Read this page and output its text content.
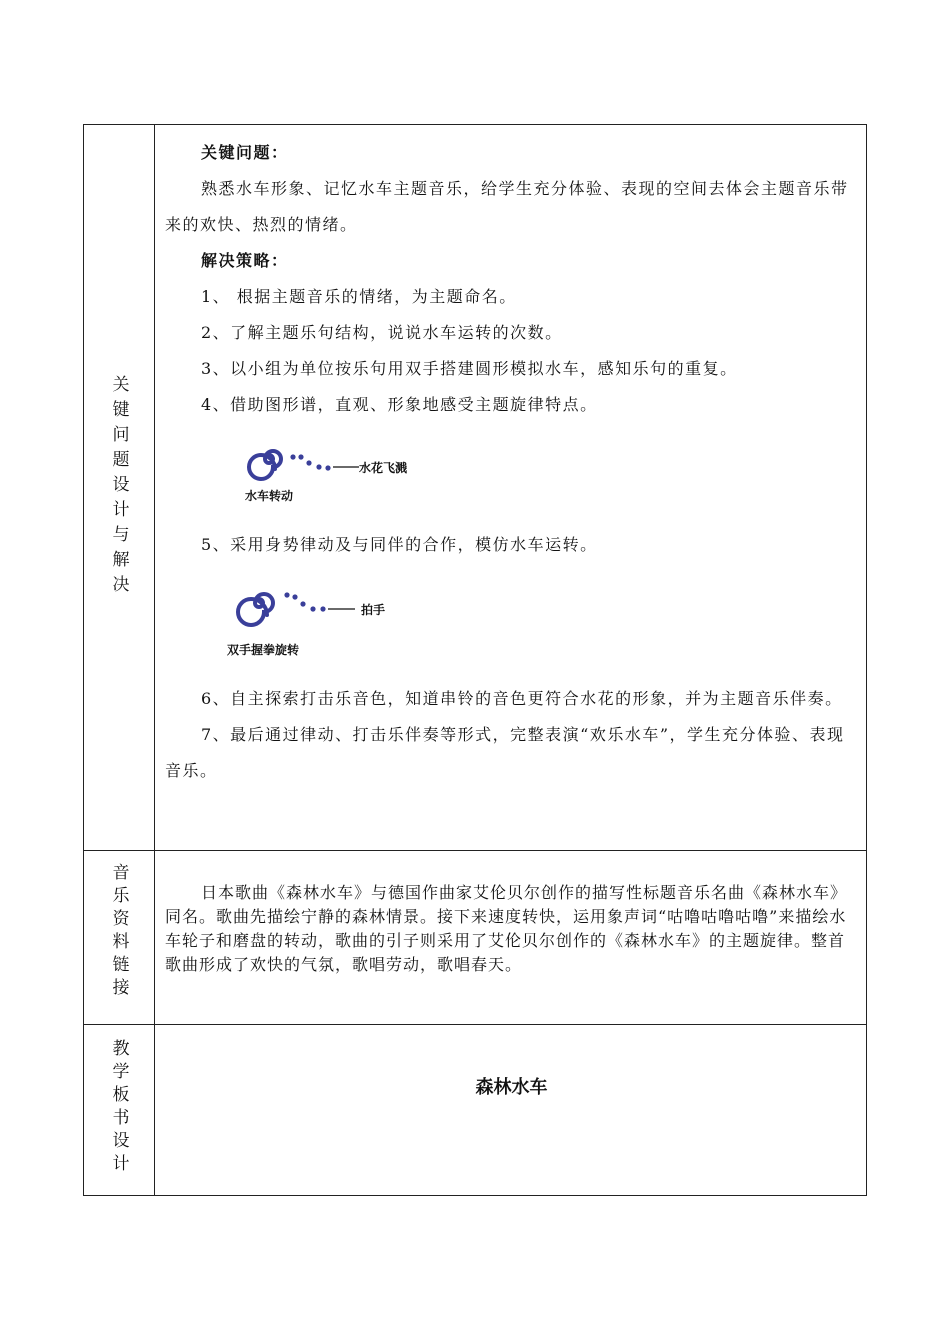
关键问题设计与解决

关键问题：

熟悉水车形象、记忆水车主题音乐，给学生充分体验、表现的空间去体会主题音乐带来的欢快、热烈的情绪。

解决策略：

1、 根据主题音乐的情绪，为主题命名。

2、了解主题乐句结构，说说水车运转的次数。

3、以小组为单位按乐句用双手搭建圆形模拟水车，感知乐句的重复。

4、借助图形谱，直观、形象地感受主题旋律特点。

水花飞溅
水车转动

5、采用身势律动及与同伴的合作，模仿水车运转。

拍手
双手握拳旋转

6、自主探索打击乐音色，知道串铃的音色更符合水花的形象，并为主题音乐伴奏。

7、最后通过律动、打击乐伴奏等形式，完整表演“欢乐水车”，学生充分体验、表现音乐。

音乐资料链接	日本歌曲《森林水车》与德国作曲家艾伦贝尔创作的描写性标题音乐名曲《森林水车》同名。歌曲先描绘宁静的森林情景。接下来速度转快，运用象声词“咕噜咕噜咕噜”来描绘水车轮子和磨盘的转动，歌曲的引子则采用了艾伦贝尔创作的《森林水车》的主题旋律。整首歌曲形成了欢快的气氛，歌唱劳动，歌唱春天。

教学板书设计	森林水车
